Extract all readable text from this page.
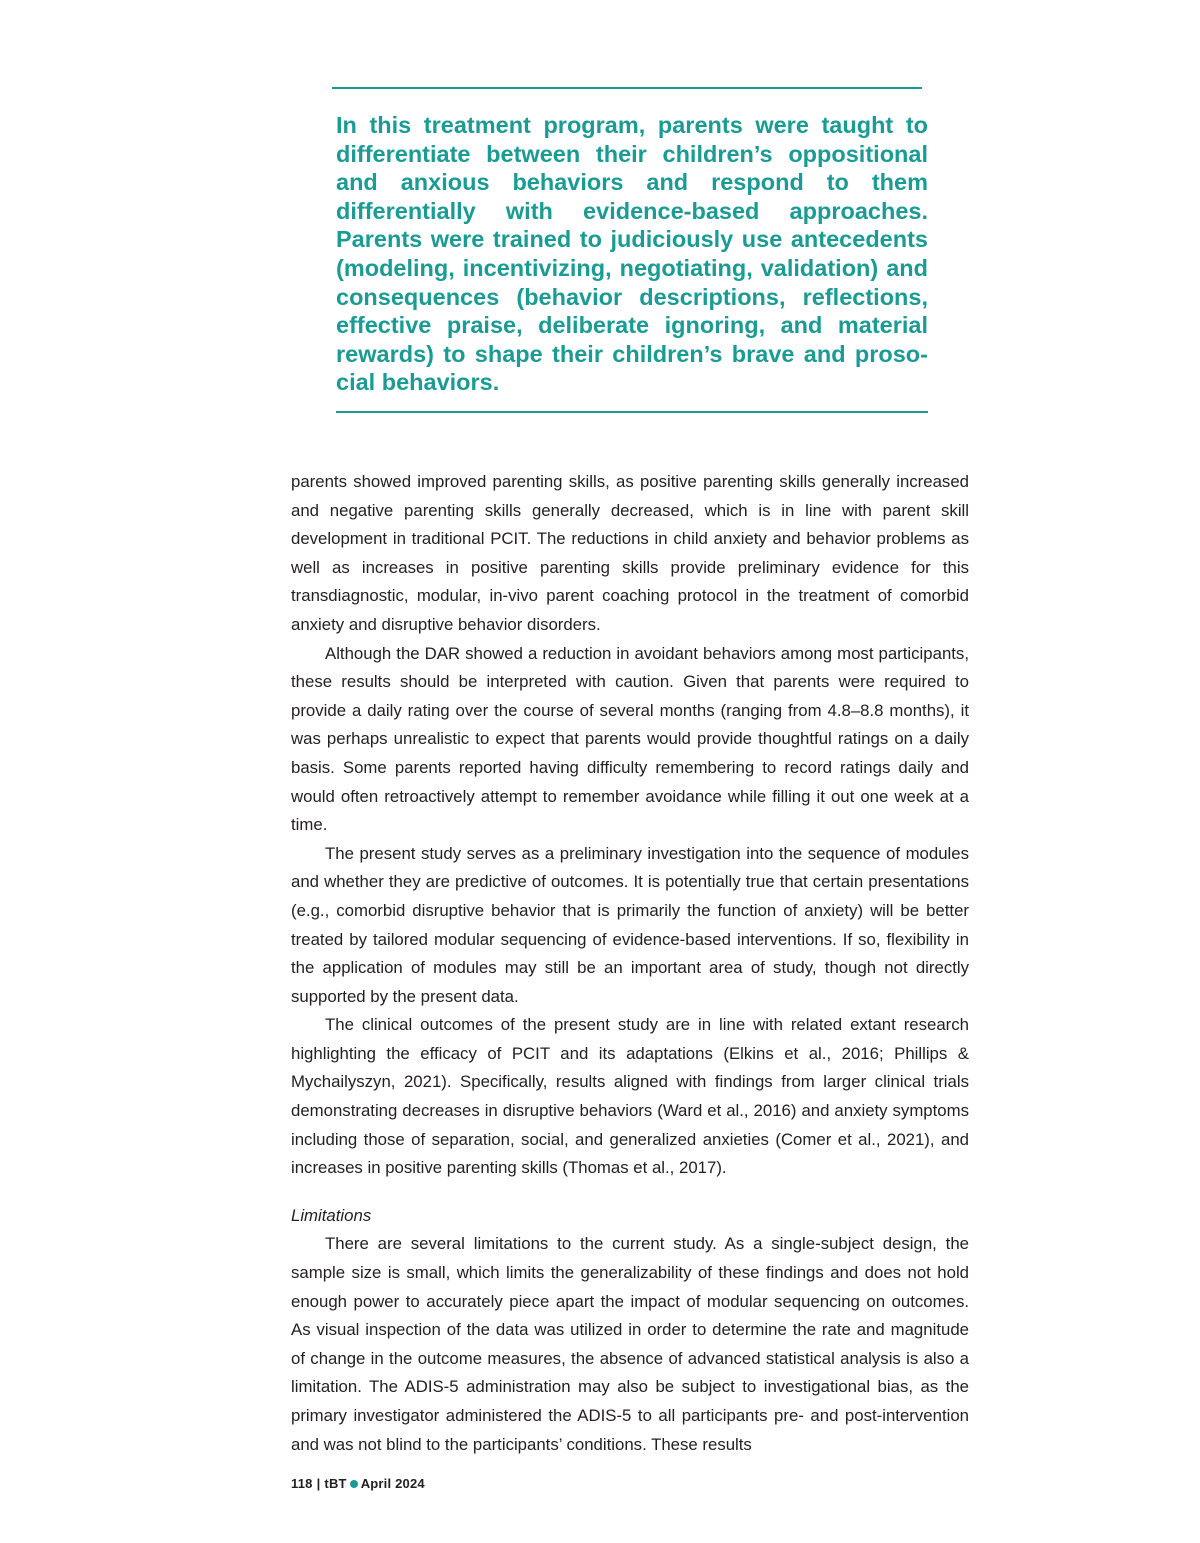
In this treatment program, parents were taught to differentiate between their children’s oppositional and anxious behaviors and respond to them differentially with evidence-based approaches. Parents were trained to judiciously use antecedents (modeling, incentivizing, negotiating, validation) and consequences (behavior descriptions, reflections, effective praise, deliberate ignoring, and material rewards) to shape their children’s brave and prosocial behaviors.

parents showed improved parenting skills, as positive parenting skills generally increased and negative parenting skills generally decreased, which is in line with parent skill development in traditional PCIT. The reductions in child anxiety and behavior problems as well as increases in positive parenting skills provide preliminary evidence for this transdiagnostic, modular, in-vivo parent coaching protocol in the treatment of comorbid anxiety and disruptive behavior disorders.

Although the DAR showed a reduction in avoidant behaviors among most participants, these results should be interpreted with caution. Given that parents were required to provide a daily rating over the course of several months (ranging from 4.8–8.8 months), it was perhaps unrealistic to expect that parents would provide thoughtful ratings on a daily basis. Some parents reported having difficulty remembering to record ratings daily and would often retroactively attempt to remember avoidance while filling it out one week at a time.

The present study serves as a preliminary investigation into the sequence of modules and whether they are predictive of outcomes. It is potentially true that certain presentations (e.g., comorbid disruptive behavior that is primarily the function of anxiety) will be better treated by tailored modular sequencing of evidence-based interventions. If so, flexibility in the application of modules may still be an important area of study, though not directly supported by the present data.

The clinical outcomes of the present study are in line with related extant research highlighting the efficacy of PCIT and its adaptations (Elkins et al., 2016; Phillips & Mychailyszyn, 2021). Specifically, results aligned with findings from larger clinical trials demonstrating decreases in disruptive behaviors (Ward et al., 2016) and anxiety symptoms including those of separation, social, and generalized anxieties (Comer et al., 2021), and increases in positive parenting skills (Thomas et al., 2017).

Limitations

There are several limitations to the current study. As a single-subject design, the sample size is small, which limits the generalizability of these findings and does not hold enough power to accurately piece apart the impact of modular sequencing on outcomes. As visual inspection of the data was utilized in order to determine the rate and magnitude of change in the outcome measures, the absence of advanced statistical analysis is also a limitation. The ADIS-5 administration may also be subject to investigational bias, as the primary investigator administered the ADIS-5 to all participants pre- and post-intervention and was not blind to the participants’ conditions. These results

118 | tBT April 2024
